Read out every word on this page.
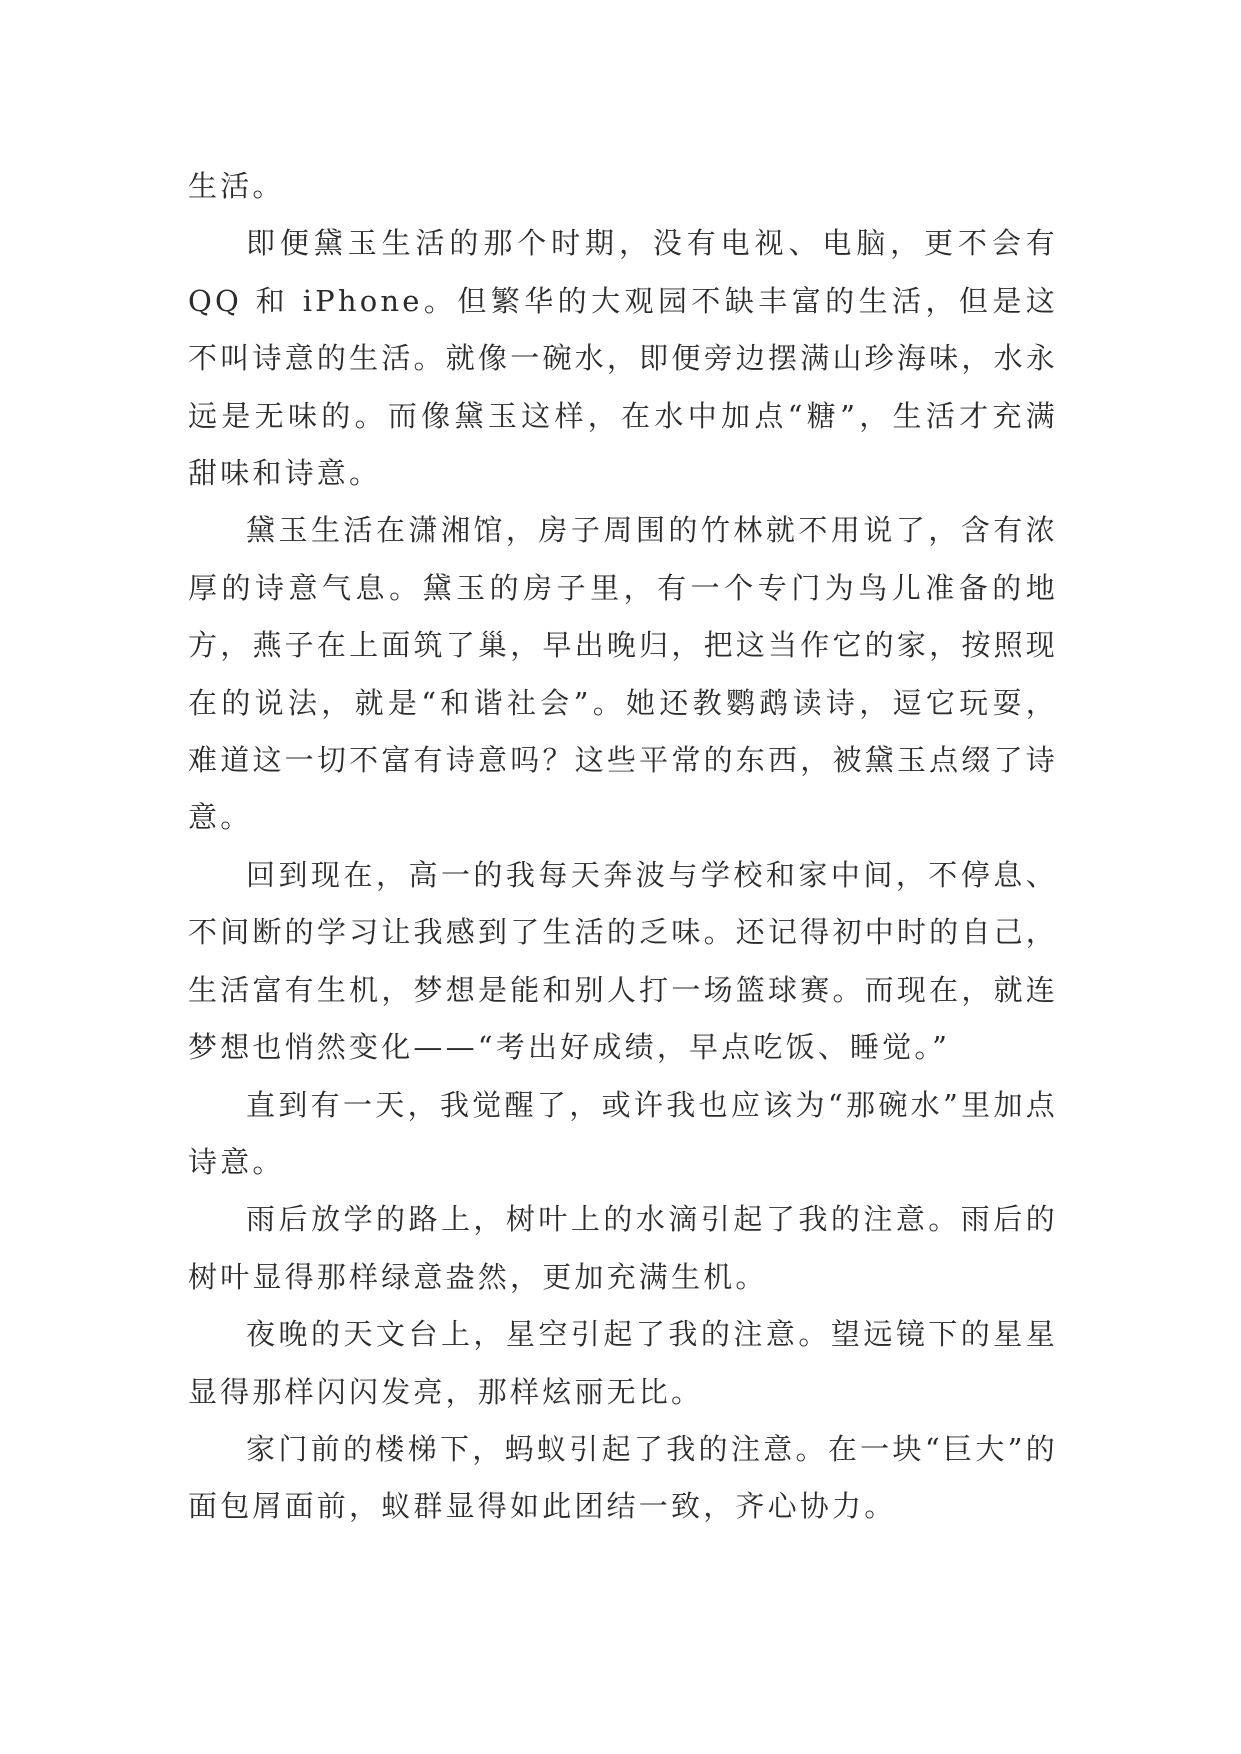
生活。

即便黛玉生活的那个时期，没有电视、电脑，更不会有QQ 和 iPhone。但繁华的大观园不缺丰富的生活，但是这不叫诗意的生活。就像一碗水，即便旁边摆满山珍海味，水永远是无味的。而像黛玉这样，在水中加点“糖”，生活才充满甜味和诗意。

黛玉生活在潇湘馆，房子周围的竹林就不用说了，含有浓厚的诗意气息。黛玉的房子里，有一个专门为鸟儿准备的地方，燕子在上面筑了巢，早出晚归，把这当作它的家，按照现在的说法，就是“和谐社会”。她还教鹦鹉读诗，逗它玩耍，难道这一切不富有诗意吗？这些平常的东西，被黛玉点缀了诗意。

回到现在，高一的我每天奔波与学校和家中间，不停息、不间断的学习让我感到了生活的乏味。还记得初中时的自己，生活富有生机，梦想是能和别人打一场篮球赛。而现在，就连梦想也悄然变化——“考出好成绩，早点吃饭、睡觉。”

直到有一天，我觉醒了，或许我也应该为“那碗水”里加点诗意。

雨后放学的路上，树叶上的水滴引起了我的注意。雨后的树叶显得那样绿意盎然，更加充满生机。

夜晚的天文台上，星空引起了我的注意。望远镜下的星星显得那样闪闪发亮，那样炫丽无比。

家门前的楼梯下，蚂蚁引起了我的注意。在一块“巨大”的面包屑面前，蚁群显得如此团结一致，齐心协力。
